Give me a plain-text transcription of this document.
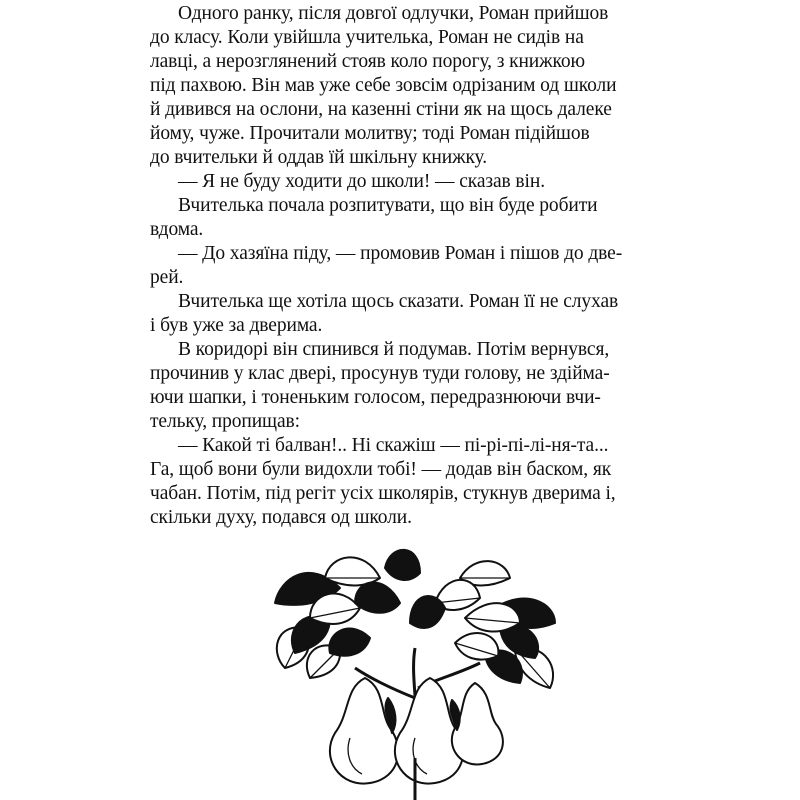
Одного ранку, після довгої одлучки, Роман прийшов
до класу. Коли увійшла учителька, Роман не сидів на
лавці, а нерозглянений стояв коло порогу, з книжкою
під пахвою. Він мав уже себе зовсім одрізаним од школи
й дивився на ослони, на казенні стіни як на щось далеке
йому, чуже. Прочитали молитву; тоді Роман підійшов
до вчительки й оддав їй шкільну книжку.
— Я не буду ходити до школи! — сказав він.
Вчителька почала розпитувати, що він буде робити
вдома.
— До хазяїна піду, — промовив Роман і пішов до две-
рей.
Вчителька ще хотіла щось сказати. Роман її не слухав
і був уже за дверима.
В коридорі він спинився й подумав. Потім вернувся,
прочинив у клас двері, просунув туди голову, не здійма-
ючи шапки, і тоненьким голосом, передразнюючи вчи-
тельку, пропищав:
— Какой ті балван!.. Ні скажіш — пі-рі-пі-лі-ня-та...
Га, щоб вони були видохли тобі! — додав він баском, як
чабан. Потім, під регіт усіх школярів, стукнув дверима і,
скільки духу, подався од школи.
